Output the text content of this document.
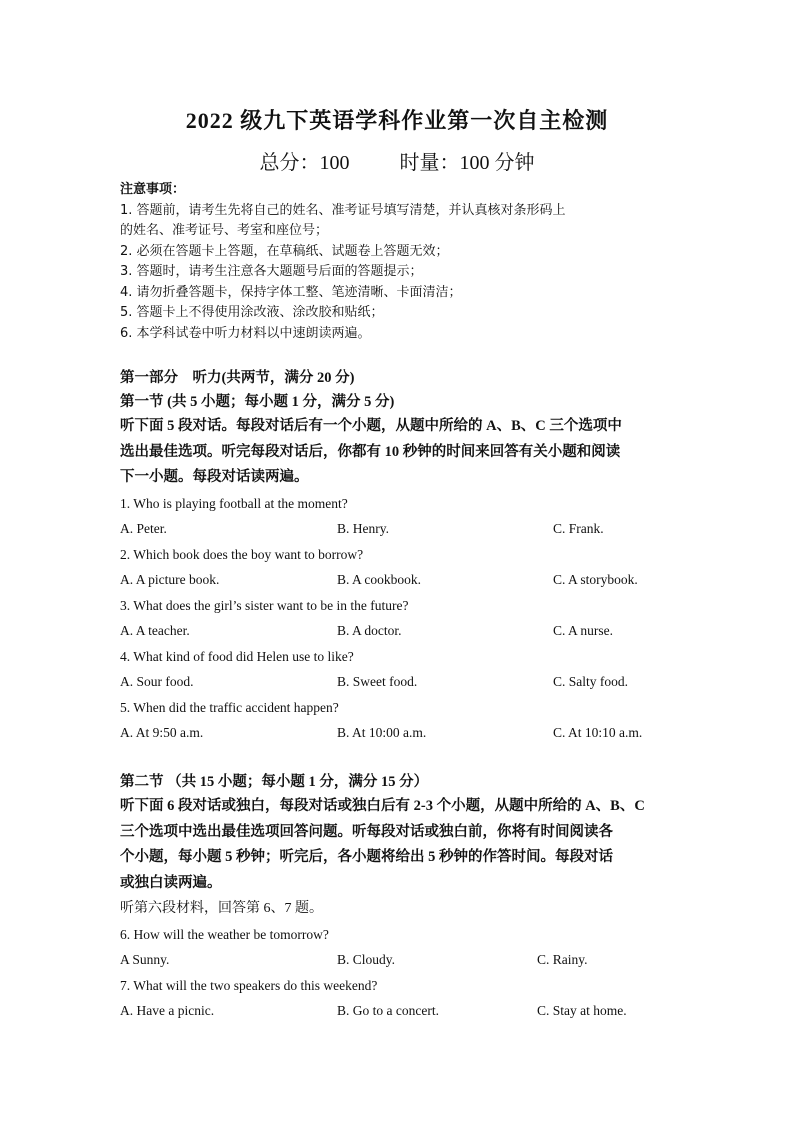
2022 级九下英语学科作业第一次自主检测
总分：100	时量：100 分钟
注意事项：
1. 答题前，请考生先将自己的姓名、准考证号填写清楚，并认真核对条形码上
的姓名、准考证号、考室和座位号；
2. 必须在答题卡上答题，在草稿纸、试题卷上答题无效；
3. 答题时，请考生注意各大题题号后面的答题提示；
4. 请勿折叠答题卡，保持字体工整、笔迹清晰、卡面清洁；
5. 答题卡上不得使用涂改液、涂改胶和贴纸；
6. 本学科试卷中听力材料以中速朗读两遍。
第一部分　听力(共两节，满分 20 分)
第一节 (共 5 小题；每小题 1 分，满分 5 分)
听下面 5 段对话。每段对话后有一个小题，从题中所给的 A、B、C 三个选项中
选出最佳选项。听完每段对话后，你都有 10 秒钟的时间来回答有关小题和阅读
下一小题。每段对话读两遍。
1. Who is playing football at the moment?
A. Peter.	B. Henry.	C. Frank.
2. Which book does the boy want to borrow?
A. A picture book.	B. A cookbook.	C. A storybook.
3. What does the girl’s sister want to be in the future?
A. A teacher.	B. A doctor.	C. A nurse.
4. What kind of food did Helen use to like?
A. Sour food.	B. Sweet food.	C. Salty food.
5. When did the traffic accident happen?
A. At 9:50 a.m.	B. At 10:00 a.m.	C. At 10:10 a.m.
第二节 （共 15 小题；每小题 1 分，满分 15 分）
听下面 6 段对话或独白，每段对话或独白后有 2-3 个小题，从题中所给的 A、B、C
三个选项中选出最佳选项回答问题。听每段对话或独白前，你将有时间阅读各
个小题，每小题 5 秒钟；听完后，各小题将给出 5 秒钟的作答时间。每段对话
或独白读两遍。
听第六段材料，回答第 6、7 题。
6. How will the weather be tomorrow?
A Sunny.	B. Cloudy.	C. Rainy.
7. What will the two speakers do this weekend?
A. Have a picnic.	B. Go to a concert.	C. Stay at home.
